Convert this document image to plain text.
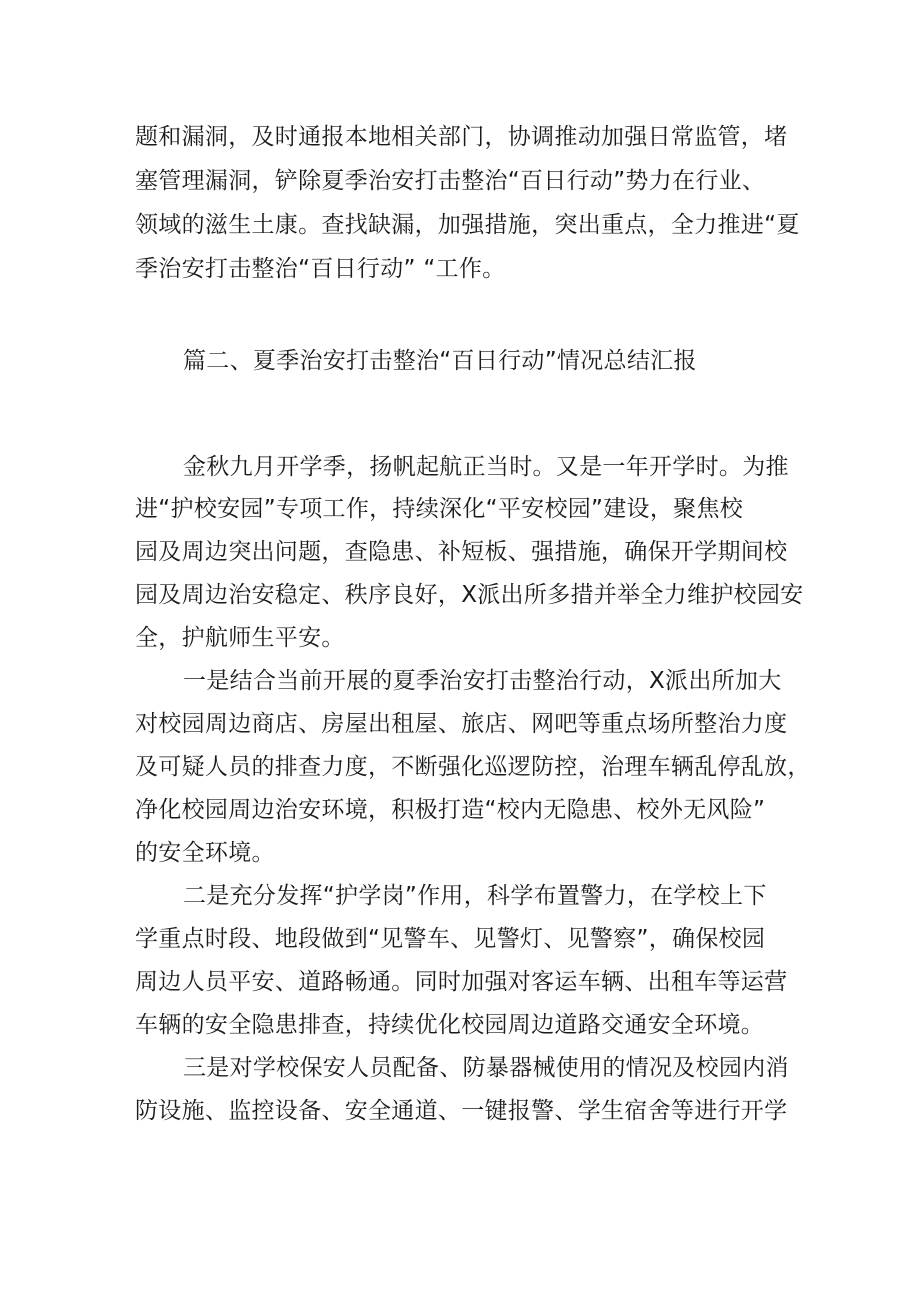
题和漏洞，及时通报本地相关部门，协调推动加强日常监管，堵
塞管理漏洞，铲除夏季治安打击整治“百日行动”势力在行业、
领域的滋生土康。查找缺漏，加强措施，突出重点，全力推进“夏
季治安打击整治“百日行动” “工作。
篇二、夏季治安打击整治“百日行动”情况总结汇报
金秋九月开学季，扬帆起航正当时。又是一年开学时。为推
进“护校安园”专项工作，持续深化“平安校园”建设，聚焦校
园及周边突出问题，查隐患、补短板、强措施，确保开学期间校
园及周边治安稳定、秩序良好，X派出所多措并举全力维护校园安
全，护航师生平安。
一是结合当前开展的夏季治安打击整治行动，X派出所加大
对校园周边商店、房屋出租屋、旅店、网吧等重点场所整治力度
及可疑人员的排查力度，不断强化巡逻防控，治理车辆乱停乱放，
净化校园周边治安环境，积极打造“校内无隐患、校外无风险”
的安全环境。
二是充分发挥“护学岗”作用，科学布置警力，在学校上下
学重点时段、地段做到“见警车、见警灯、见警察”，确保校园
周边人员平安、道路畅通。同时加强对客运车辆、出租车等运营
车辆的安全隐患排查，持续优化校园周边道路交通安全环境。
三是对学校保安人员配备、防暴器械使用的情况及校园内消
防设施、监控设备、安全通道、一键报警、学生宿舍等进行开学
